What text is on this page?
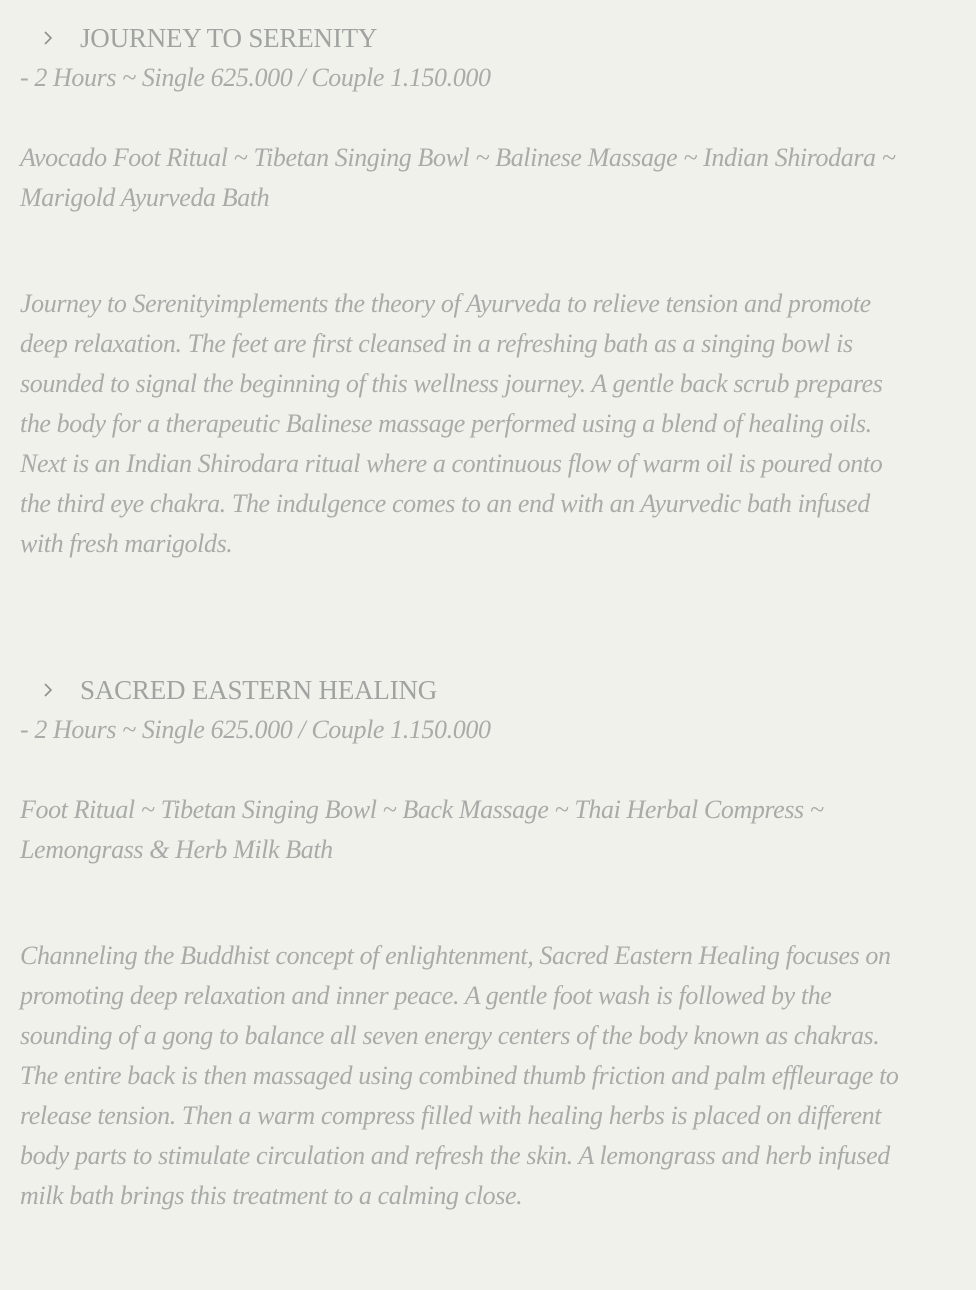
JOURNEY TO SERENITY
- 2 Hours ~ Single 625.000 / Couple 1.150.000
Avocado Foot Ritual ~ Tibetan Singing Bowl ~ Balinese Massage ~ Indian Shirodara ~ Marigold Ayurveda Bath
Journey to Serenityimplements the theory of Ayurveda to relieve tension and promote deep relaxation. The feet are first cleansed in a refreshing bath as a singing bowl is sounded to signal the beginning of this wellness journey. A gentle back scrub prepares the body for a therapeutic Balinese massage performed using a blend of healing oils. Next is an Indian Shirodara ritual where a continuous flow of warm oil is poured onto the third eye chakra. The indulgence comes to an end with an Ayurvedic bath infused with fresh marigolds.
SACRED EASTERN HEALING
- 2 Hours ~ Single 625.000 / Couple 1.150.000
Foot Ritual ~ Tibetan Singing Bowl ~ Back Massage ~ Thai Herbal Compress ~ Lemongrass & Herb Milk Bath
Channeling the Buddhist concept of enlightenment, Sacred Eastern Healing focuses on promoting deep relaxation and inner peace. A gentle foot wash is followed by the sounding of a gong to balance all seven energy centers of the body known as chakras. The entire back is then massaged using combined thumb friction and palm effleurage to release tension. Then a warm compress filled with healing herbs is placed on different body parts to stimulate circulation and refresh the skin. A lemongrass and herb infused milk bath brings this treatment to a calming close.
